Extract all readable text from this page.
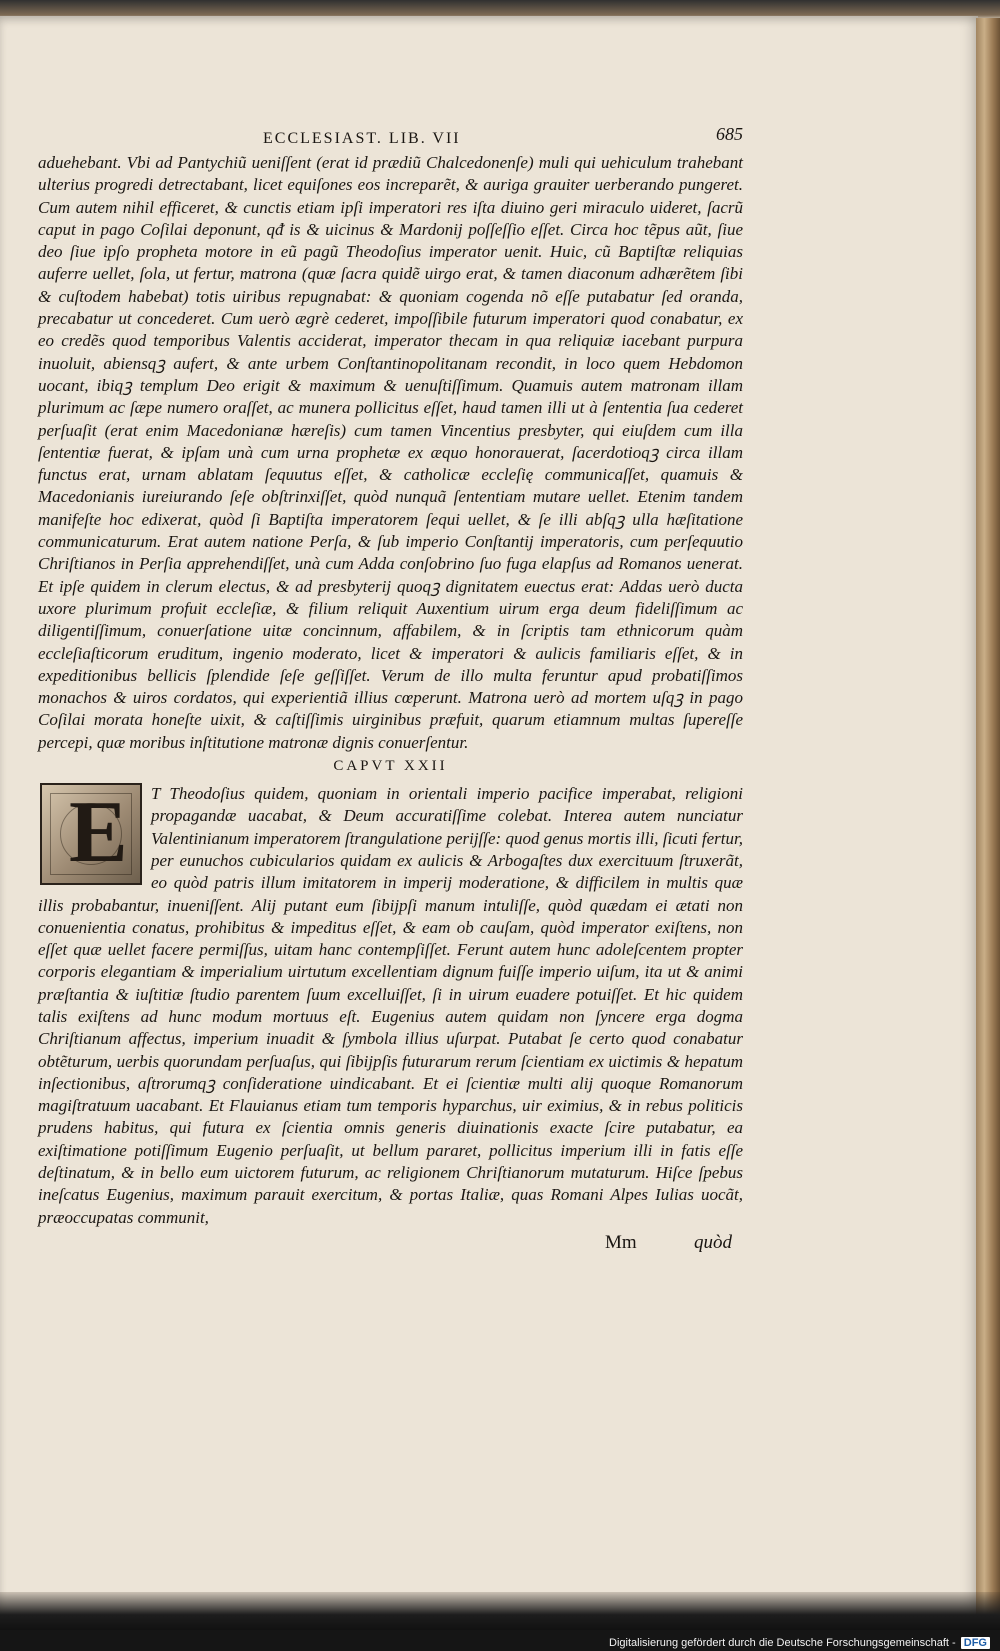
ECCLESIAST. LIB. VII	685

aduehebant. Vbi ad Pantychiũ ueniſſent (erat id prædiũ Chalcedonenſe) muli qui uehiculum trahebant ulterius progredi detrectabant, licet equiſones eos increparẽt, & auriga grauiter uerberando pungeret. Cum autem nihil efficeret, & cunctis etiam ipſi imperatori res iſta diuino geri miraculo uideret, ſacrũ caput in pago Coſilai deponunt, qᵭ is & uicinus & Mardonij poſſeſſio eſſet. Circa hoc tẽpus aũt, ſiue deo ſiue ipſo propheta motore in eũ pagũ Theodoſius imperator uenit. Huic, cũ Baptiſtæ reliquias auferre uellet, ſola, ut fertur, matrona (quæ ſacra quidẽ uirgo erat, & tamen diaconum adhærẽtem ſibi & cuſtodem habebat) totis uiribus repugnabat: & quoniam cogenda nõ eſſe putabatur ſed oranda, precabatur ut concederet. Cum uerò ægrè cederet, impoſſibile futurum imperatori quod conabatur, ex eo credẽs quod temporibus Valentis acciderat, imperator thecam in qua reliquiæ iacebant purpura inuoluit, abiensqꝫ aufert, & ante urbem Conſtantinopolitanam recondit, in loco quem Hebdomon uocant, ibiqꝫ templum Deo erigit & maximum & uenuſtiſſimum. Quamuis autem matronam illam plurimum ac ſæpe numero oraſſet, ac munera pollicitus eſſet, haud tamen illi ut à ſententia ſua cederet perſuaſit (erat enim Macedonianæ hæreſis) cum tamen Vincentius presbyter, qui eiuſdem cum illa ſententiæ fuerat, & ipſam unà cum urna prophetæ ex æquo honorauerat, ſacerdotioqꝫ circa illam functus erat, urnam ablatam ſequutus eſſet, & catholicæ eccleſię communicaſſet, quamuis & Macedonianis iureiurando ſeſe obſtrinxiſſet, quòd nunquã ſententiam mutare uellet. Etenim tandem manifeſte hoc edixerat, quòd ſi Baptiſta imperatorem ſequi uellet, & ſe illi abſqꝫ ulla hæſitatione communicaturum. Erat autem natione Perſa, & ſub imperio Conſtantij imperatoris, cum perſequutio Chriſtianos in Perſia apprehendiſſet, unà cum Adda conſobrino ſuo fuga elapſus ad Romanos uenerat. Et ipſe quidem in clerum electus, & ad presbyterij quoqꝫ dignitatem euectus erat: Addas uerò ducta uxore plurimum profuit eccleſiæ, & filium reliquit Auxentium uirum erga deum fideliſſimum ac diligentiſſimum, conuerſatione uitæ concinnum, affabilem, & in ſcriptis tam ethnicorum quàm eccleſiaſticorum eruditum, ingenio moderato, licet & imperatori & aulicis familiaris eſſet, & in expeditionibus bellicis ſplendide ſeſe geſſiſſet. Verum de illo multa feruntur apud probatiſſimos monachos & uiros cordatos, qui experientiã illius cœperunt. Matrona uerò ad mortem uſqꝫ in pago Coſilai morata honeſte uixit, & caſtiſſimis uirginibus præfuit, quarum etiamnum multas ſupereſſe percepi, quæ moribus inſtitutione matronæ dignis conuerſentur.

CAPVT XXII
E	T Theodoſius quidem, quoniam in orientali imperio pacifice imperabat, religioni propagandæ uacabat, & Deum accuratiſſime colebat. Interea autem nunciatur Valentinianum imperatorem ſtrangulatione perijſſe: quod genus mortis illi, ſicuti fertur, per eunuchos cubicularios quidam ex aulicis & Arbogaſtes dux exercituum ſtruxerãt, eo quòd patris illum imitatorem in imperij moderatione, & difficilem in multis quæ illis probabantur, inueniſſent. Alij putant eum ſibijpſi manum intuliſſe, quòd quædam ei ætati non conuenientia conatus, prohibitus & impeditus eſſet, & eam ob cauſam, quòd imperator exiſtens, non eſſet quæ uellet facere permiſſus, uitam hanc contempſiſſet. Ferunt autem hunc adoleſcentem propter corporis elegantiam & imperialium uirtutum excellentiam dignum fuiſſe imperio uiſum, ita ut & animi præſtantia & iuſtitiæ ſtudio parentem ſuum excelluiſſet, ſi in uirum euadere potuiſſet. Et hic quidem talis exiſtens ad hunc modum mortuus eſt. Eugenius autem quidam non ſyncere erga dogma Chriſtianum affectus, imperium inuadit & ſymbola illius uſurpat. Putabat ſe certo quod conabatur obtẽturum, uerbis quorundam perſuaſus, qui ſibijpſis futurarum rerum ſcientiam ex uictimis & hepatum inſectionibus, aſtrorumqꝫ conſideratione uindicabant. Et ei ſcientiæ multi alij quoque Romanorum magiſtratuum uacabant. Et Flauianus etiam tum temporis hyparchus, uir eximius, & in rebus politicis prudens habitus, qui futura ex ſcientia omnis generis diuinationis exacte ſcire putabatur, ea exiſtimatione potiſſimum Eugenio perſuaſit, ut bellum pararet, pollicitus imperium illi in fatis eſſe deſtinatum, & in bello eum uictorem futurum, ac religionem Chriſtianorum mutaturum. Hiſce ſpebus ineſcatus Eugenius, maximum parauit exercitum, & portas Italiæ, quas Romani Alpes Iulias uocãt, præoccupatas communit,

Mm	quòd
Digitalisierung gefördert durch die Deutsche Forschungsgemeinschaft - DFG
